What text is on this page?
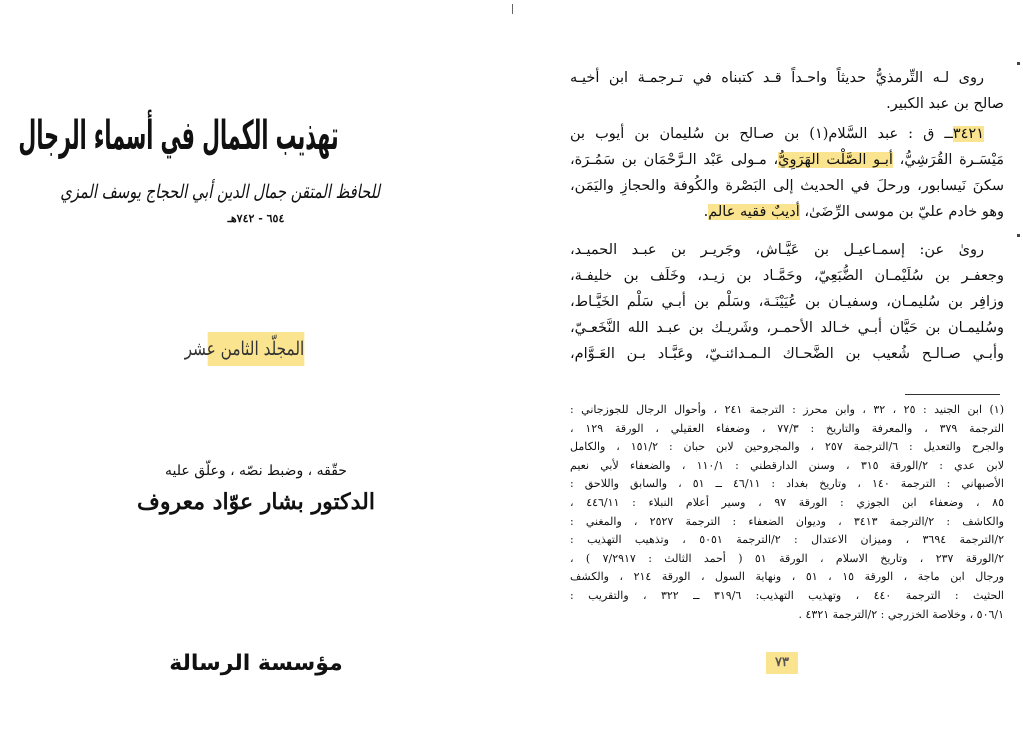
تهذيب الكمال في أسماء الرجال
للحافظ المتقن جمال الدين أبي الحجاج يوسف المزي
٦٥٤ - ٧٤٢هـ
المجلّد الثامن عشر
حقّقه ، وضبط نصّه ، وعلّق عليه
الدكتور بشار عوّاد معروف
مؤسسة الرسالة
روى لـه التِّرمذيُّ حديثاً واحـداً قـد كتبناه في تـرجمـة ابن أخيـه
صالح بن عبد الكبير.
٣٤٢١ــ ق : عبد السَّلام(١) بن صـالح بن سُليمان بن أيوب بن
مَيْسَـرة القُرَشِيُّ، أبـو الصَّلْت الهَرَوِيُّ، مـولى عَبْد الـرَّحْمَان بن سَمُـرَة،
سكنَ نَيسابور، ورحلَ في الحديث إلى البَصْرة والكُوفة والحجازِ واليَمَن،
وهو خادم عليّ بن موسى الرِّضَىٰ، أديبٌ فقيه عالم.
روىٰ عن: إسمـاعيـل بن عَيَّـاش، وجَريـر بن عبـد الحميـد،
وجعفـر بن سُلَيْمـان الضُّبَعِيّ، وحَمَّـاد بن زيـد، وخَلَف بن خليفـة،
وزافِر بن سُليمـان، وسفيـان بن عُيَيْنَـة، وسَلْم بن أبـي سَلْم الخَيَّـاط،
وسُليمـان بن حَيَّان أبـي خـالد الأحمـر، وشَريـك بن عبـد الله النَّخَعـيّ،
وأبـي صـالـح شُعيب بن الضَّحـاك الـمـدائنـيّ، وعَبَّـاد بـن العَـوَّام،
(١) ابن الجنيد : ٢٥ ، ٣٢ ، وابن محرز : الترجمة ٢٤١ ، وأحوال الرجال للجوزجاني :
الترجمة ٣٧٩ ، والمعرفة والتاريخ : ٧٧/٣ ، وضعفاء العقيلي ، الورقة ١٢٩ ،
والجرح والتعديل : ٦/الترجمة ٢٥٧ ، والمجروحين لابن حبان : ١٥١/٢ ، والكامل
لابن عدي : ٢/الورقة ٣١٥ ، وسنن الدارقطني : ١١٠/١ ، والضعفاء لأبي نعيم
الأصبهاني : الترجمة ١٤٠ ، وتاريخ بغداد : ٤٦/١١ ــ ٥١ ، والسابق واللاحق :
٨٥ ، وضعفاء ابن الجوزي : الورقة ٩٧ ، وسير أعلام النبلاء : ٤٤٦/١١ ،
والكاشف : ٢/الترجمة ٣٤١٣ ، وديوان الضعفاء : الترجمة ٢٥٢٧ ، والمغني :
٢/الترجمة ٣٦٩٤ ، وميزان الاعتدال : ٢/الترجمة ٥٠٥١ ، وتذهيب التهذيب :
٢/الورقة ٢٣٧ ، وتاريخ الاسلام ، الورقة ٥١ ( أحمد الثالث : ٧/٢٩١٧ ) ،
ورجال ابن ماجة ، الورقة ١٥ ، ٥١ ، ونهاية السول ، الورقة ٢١٤ ، والكشف
الحثيث : الترجمة ٤٤٠ ، وتهذيب التهذيب: ٣١٩/٦ ــ ٣٢٢ ، والتقريب :
٥٠٦/١ ، وخلاصة الخزرجي : ٢/الترجمة ٤٣٢١ .
٧٣
